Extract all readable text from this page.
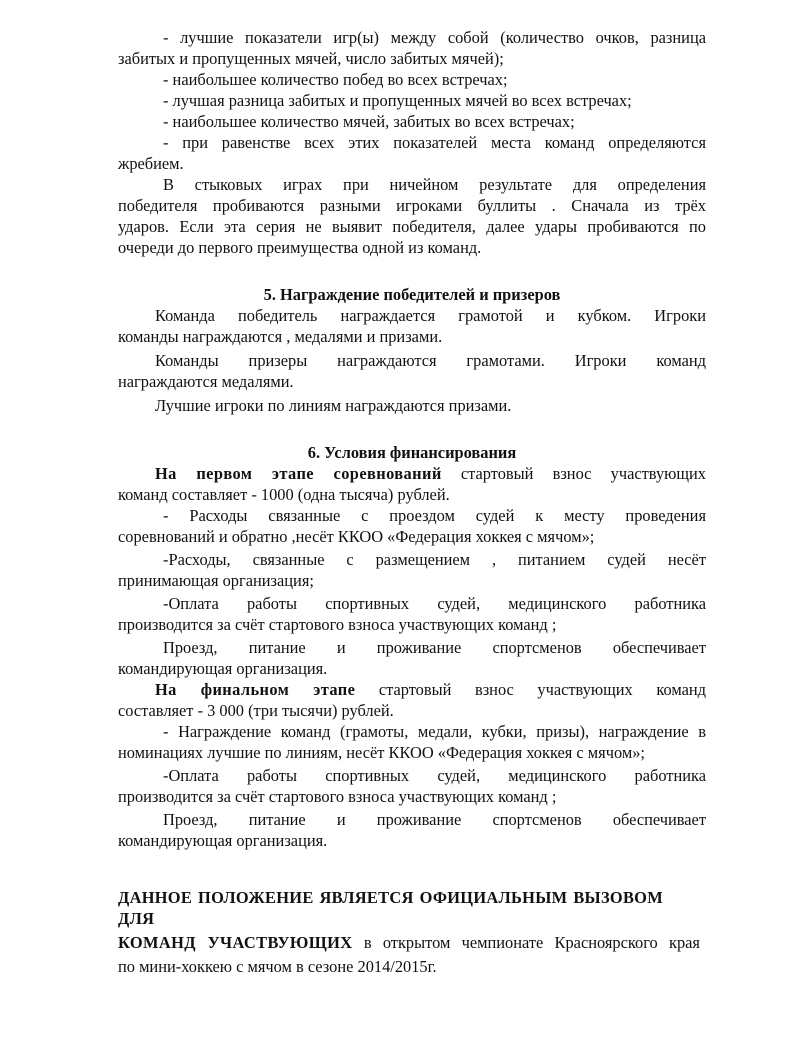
- лучшие показатели игр(ы) между собой (количество очков, разница

забитых и пропущенных мячей, число забитых мячей);

- наибольшее количество побед во всех встречах;

- лучшая разница забитых и пропущенных мячей во всех встречах;

- наибольшее количество мячей, забитых во всех встречах;

- при равенстве всех этих показателей места команд определяются

жребием.

В стыковых играх при ничейном результате для определения

победителя пробиваются разными игроками буллиты . Сначала из трёх

ударов. Если эта серия не выявит победителя, далее удары пробиваются по

очереди до первого преимущества одной из команд.

5. Награждение победителей и призеров

Команда победитель награждается грамотой и кубком. Игроки

команды награждаются , медалями и призами.

Команды призеры награждаются грамотами. Игроки команд

награждаются медалями.

Лучшие игроки по линиям награждаются призами.

6. Условия финансирования

На первом этапе соревнований стартовый взнос участвующих

команд составляет - 1000 (одна тысяча) рублей.

- Расходы связанные с проездом судей к месту проведения

соревнований и обратно ,несёт ККОО «Федерация хоккея с мячом»;

-Расходы, связанные с размещением , питанием судей несёт

принимающая организация;

-Оплата работы спортивных судей, медицинского работника

производится за счёт стартового взноса участвующих команд ;

Проезд, питание и проживание спортсменов обеспечивает

командирующая организация.

На финальном этапе стартовый взнос участвующих команд

составляет - 3 000 (три тысячи) рублей.

- Награждение команд (грамоты, медали, кубки, призы), награждение в

номинациях лучшие по линиям, несёт ККОО «Федерация хоккея с мячом»;

-Оплата работы спортивных судей, медицинского работника

производится за счёт стартового взноса участвующих команд ;

Проезд, питание и проживание спортсменов обеспечивает

командирующая организация.

ДАННОЕ ПОЛОЖЕНИЕ ЯВЛЯЕТСЯ ОФИЦИАЛЬНЫМ ВЫЗОВОМ ДЛЯ

КОМАНД УЧАСТВУЮЩИХ в открытом чемпионате Красноярского края

по мини-хоккею с мячом в сезоне 2014/2015г.
